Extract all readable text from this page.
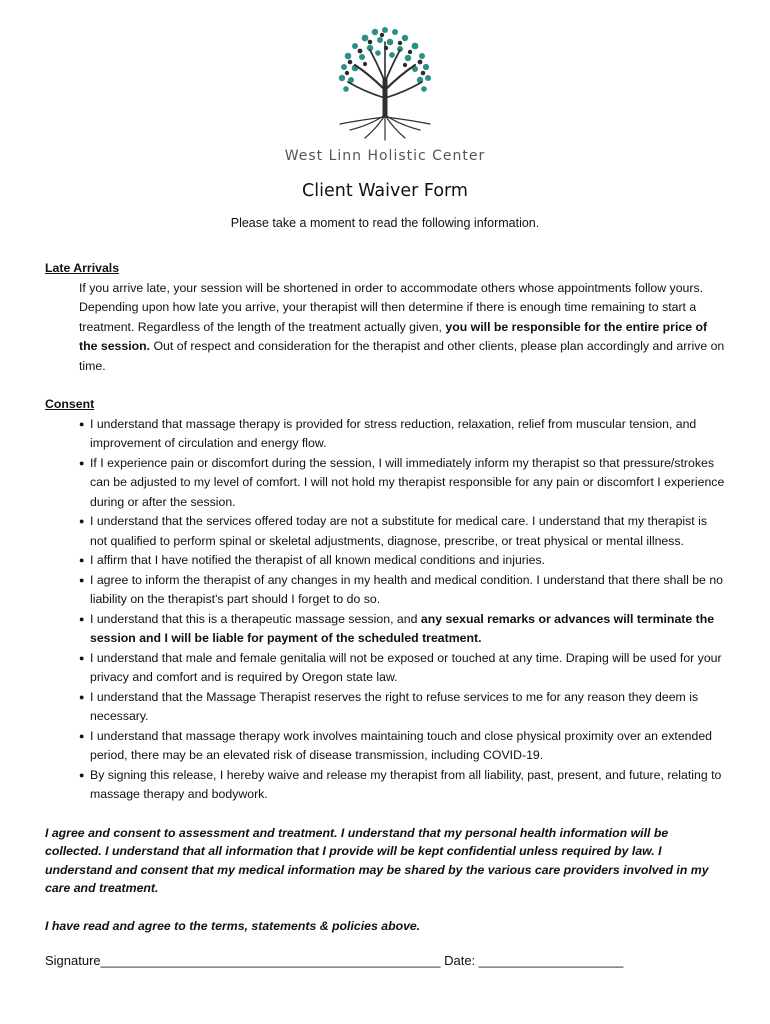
West Linn Holistic Center
Client Waiver Form
Please take a moment to read the following information.

Late Arrivals

If you arrive late, your session will be shortened in order to accommodate others whose appointments follow yours. Depending upon how late you arrive, your therapist will then determine if there is enough time remaining to start a treatment. Regardless of the length of the treatment actually given, you will be responsible for the entire price of the session. Out of respect and consideration for the therapist and other clients, please plan accordingly and arrive on time.

Consent

● I understand that massage therapy is provided for stress reduction, relaxation, relief from muscular tension, and improvement of circulation and energy flow.
● If I experience pain or discomfort during the session, I will immediately inform my therapist so that pressure/strokes can be adjusted to my level of comfort. I will not hold my therapist responsible for any pain or discomfort I experience during or after the session.
● I understand that the services offered today are not a substitute for medical care. I understand that my therapist is not qualified to perform spinal or skeletal adjustments, diagnose, prescribe, or treat physical or mental illness.
● I affirm that I have notified the therapist of all known medical conditions and injuries.
● I agree to inform the therapist of any changes in my health and medical condition. I understand that there shall be no liability on the therapist's part should I forget to do so.
● I understand that this is a therapeutic massage session, and any sexual remarks or advances will terminate the session and I will be liable for payment of the scheduled treatment.
● I understand that male and female genitalia will not be exposed or touched at any time. Draping will be used for your privacy and comfort and is required by Oregon state law.
● I understand that the Massage Therapist reserves the right to refuse services to me for any reason they deem is necessary.
● I understand that massage therapy work involves maintaining touch and close physical proximity over an extended period, there may be an elevated risk of disease transmission, including COVID-19.
● By signing this release, I hereby waive and release my therapist from all liability, past, present, and future, relating to massage therapy and bodywork.

I agree and consent to assessment and treatment. I understand that my personal health information will be collected. I understand that all information that I provide will be kept confidential unless required by law. I understand and consent that my medical information may be shared by the various care providers involved in my care and treatment.

I have read and agree to the terms, statements & policies above.

Signature_______________________________________________ Date: ____________________
